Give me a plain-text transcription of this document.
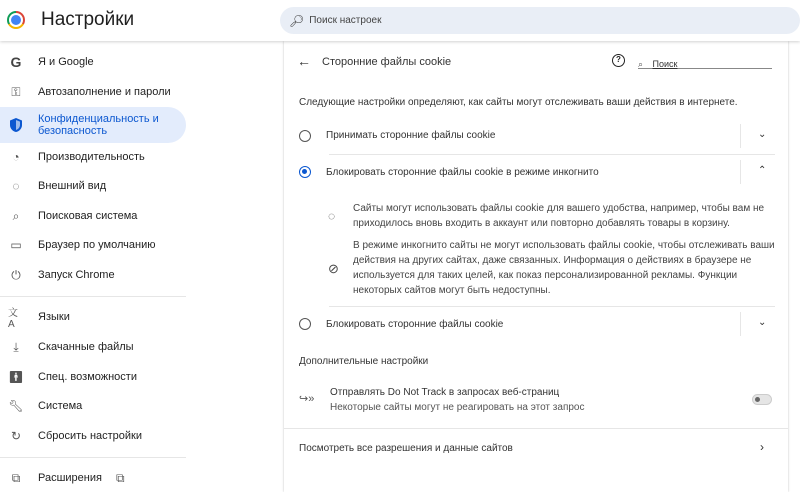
Настройки	🔎︎ Поиск настроек
G Я и Google
⚿	Автозаполнение и пароли
Конфиденциальность и безопасность
◔	Производительность
◌	Внешний вид
⌕	Поисковая система
▭ Браузер по умолчанию
⏻ Запуск Chrome
文A
Языки
⤓	Скачанные файлы
🚹︎ Спец. возможности
🔧︎ Система
↻ Сбросить настройки
⧉	Расширения ⧉
← Сторонние файлы cookie	?	⌕ Поиск
Следующие настройки определяют, как сайты могут отслеживать ваши действия в интернете.
Принимать сторонние файлы cookie	⌄
Блокировать сторонние файлы cookie в режиме инкогнито	⌃
◌
Сайты могут использовать файлы cookie для вашего удобства, например, чтобы вам не приходилось вновь входить в аккаунт или повторно добавлять товары в корзину.
⊘
В режиме инкогнито сайты не могут использовать файлы cookie, чтобы отслеживать ваши действия на других сайтах, даже связанных. Информация о действиях в браузере не используется для таких целей, как показ персонализированной рекламы. Функции некоторых сайтов могут быть недоступны.
Блокировать сторонние файлы cookie	⌄
Дополнительные настройки
↪»
Отправлять Do Not Track в запросах веб-страниц
Некоторые сайты могут не реагировать на этот запрос
Посмотреть все разрешения и данные сайтов	›
